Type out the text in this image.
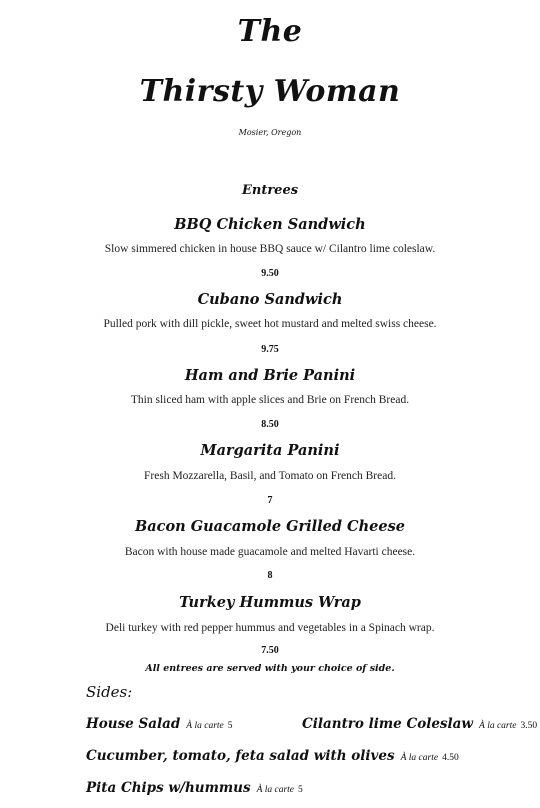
The
Thirsty Woman
Mosier, Oregon
Entrees
BBQ Chicken Sandwich
Slow simmered chicken in house BBQ sauce w/ Cilantro lime coleslaw.
9.50
Cubano Sandwich
Pulled pork with dill pickle, sweet hot mustard and melted swiss cheese.
9.75
Ham and Brie Panini
Thin sliced ham with apple slices and Brie on French Bread.
8.50
Margarita Panini
Fresh Mozzarella, Basil, and Tomato on French Bread.
7
Bacon Guacamole Grilled Cheese
Bacon with house made guacamole and melted Havarti cheese.
8
Turkey Hummus Wrap
Deli turkey with red pepper hummus and vegetables in a Spinach wrap.
7.50
All entrees are served with your choice of side.
Sides:
House Salad À la carte 5	Cilantro lime Coleslaw À la carte 3.50
Cucumber, tomato, feta salad with olives À la carte 4.50
Pita Chips w/hummus À la carte 5
